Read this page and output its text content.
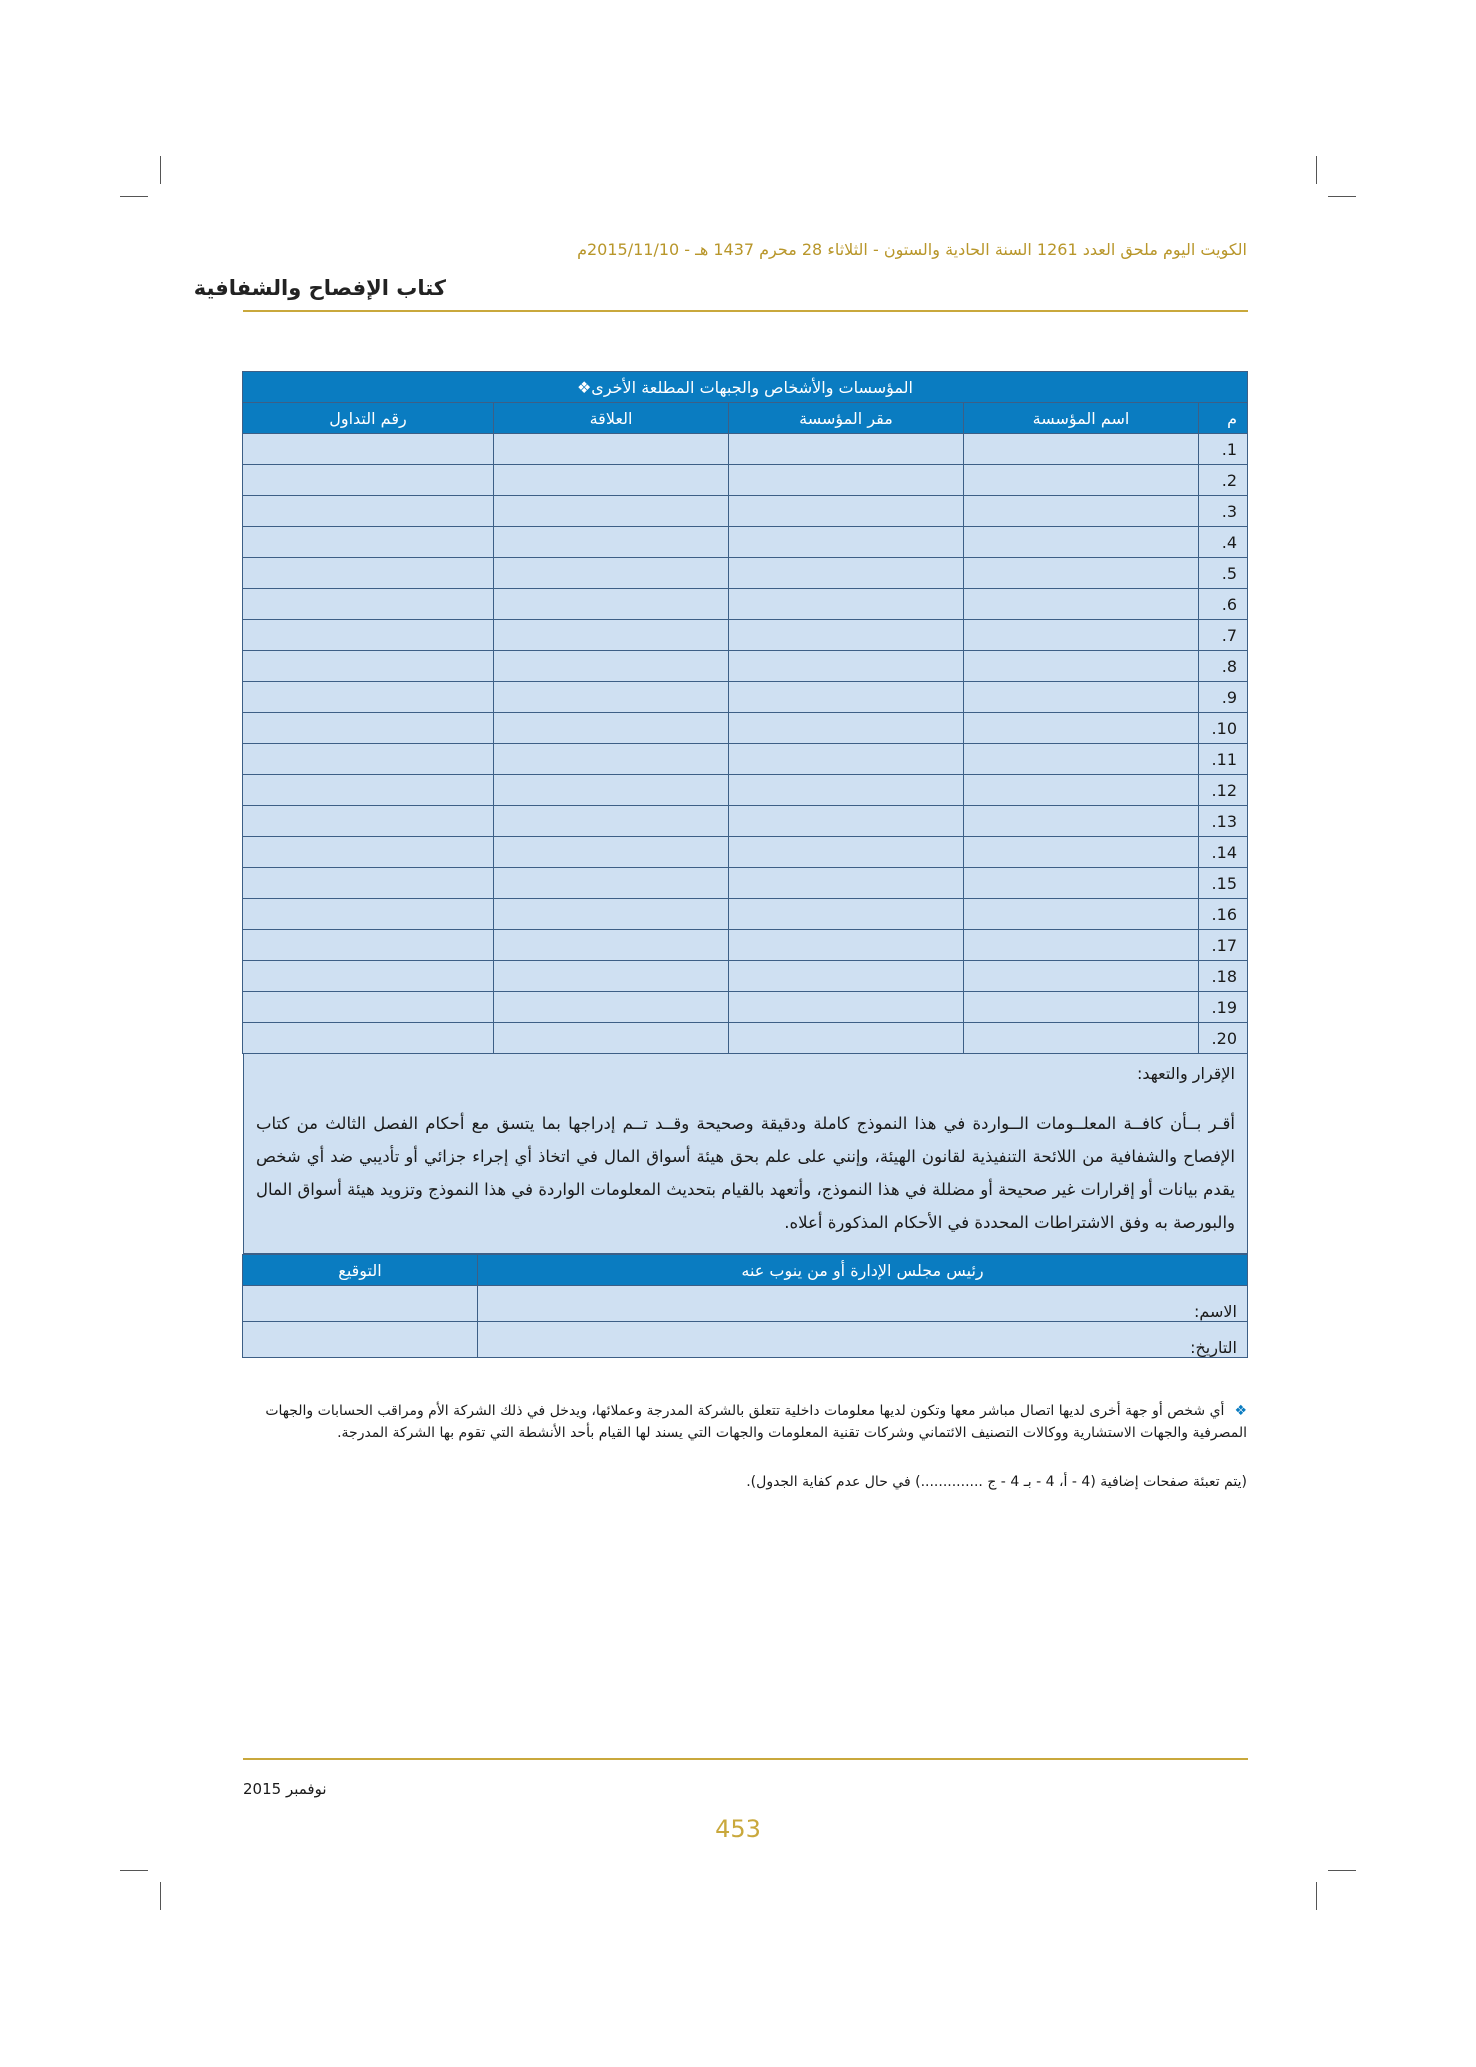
الكويت اليوم ملحق العدد 1261 السنة الحادية والستون - الثلاثاء 28 محرم 1437 هـ - 2015/11/10م
كتاب الإفصاح والشفافية
المؤسسات والأشخاص والجبهات المطلعة الأخرى❖				
م	اسم المؤسسة	مقر المؤسسة	العلاقة	رقم التداول
1.				
2.				
3.				
4.				
5.				
6.				
7.				
8.				
9.				
10.				
11.				
12.				
13.				
14.				
15.				
16.				
17.				
18.				
19.				
20.				
الإقرار والتعهد:
أقـر بــأن كافــة المعلــومات الــواردة في هذا النموذج كاملة ودقيقة وصحيحة وقــد تــم إدراجها بما يتسق مع أحكام الفصل الثالث من كتاب الإفصاح والشفافية من اللائحة التنفيذية لقانون الهيئة، وإنني على علم بحق هيئة أسواق المال في اتخاذ أي إجراء جزائي أو تأديبي ضد أي شخص يقدم بيانات أو إقرارات غير صحيحة أو مضللة في هذا النموذج، وأتعهد بالقيام بتحديث المعلومات الواردة في هذا النموذج وتزويد هيئة أسواق المال والبورصة به وفق الاشتراطات المحددة في الأحكام المذكورة أعلاه.
رئيس مجلس الإدارة أو من ينوب عنه	التوقيع
الاسم:	
التاريخ:	
❖أي شخص أو جهة أخرى لديها اتصال مباشر معها وتكون لديها معلومات داخلية تتعلق بالشركة المدرجة وعملائها، ويدخل في ذلك الشركة الأم ومراقب الحسابات والجهات المصرفية والجهات الاستشارية ووكالات التصنيف الائتماني وشركات تقنية المعلومات والجهات التي يسند لها القيام بأحد الأنشطة التي تقوم بها الشركة المدرجة.
(يتم تعبئة صفحات إضافية (4 - أ، 4 - بـ 4 - ج ..............) في حال عدم كفاية الجدول).
نوفمبر 2015
453
